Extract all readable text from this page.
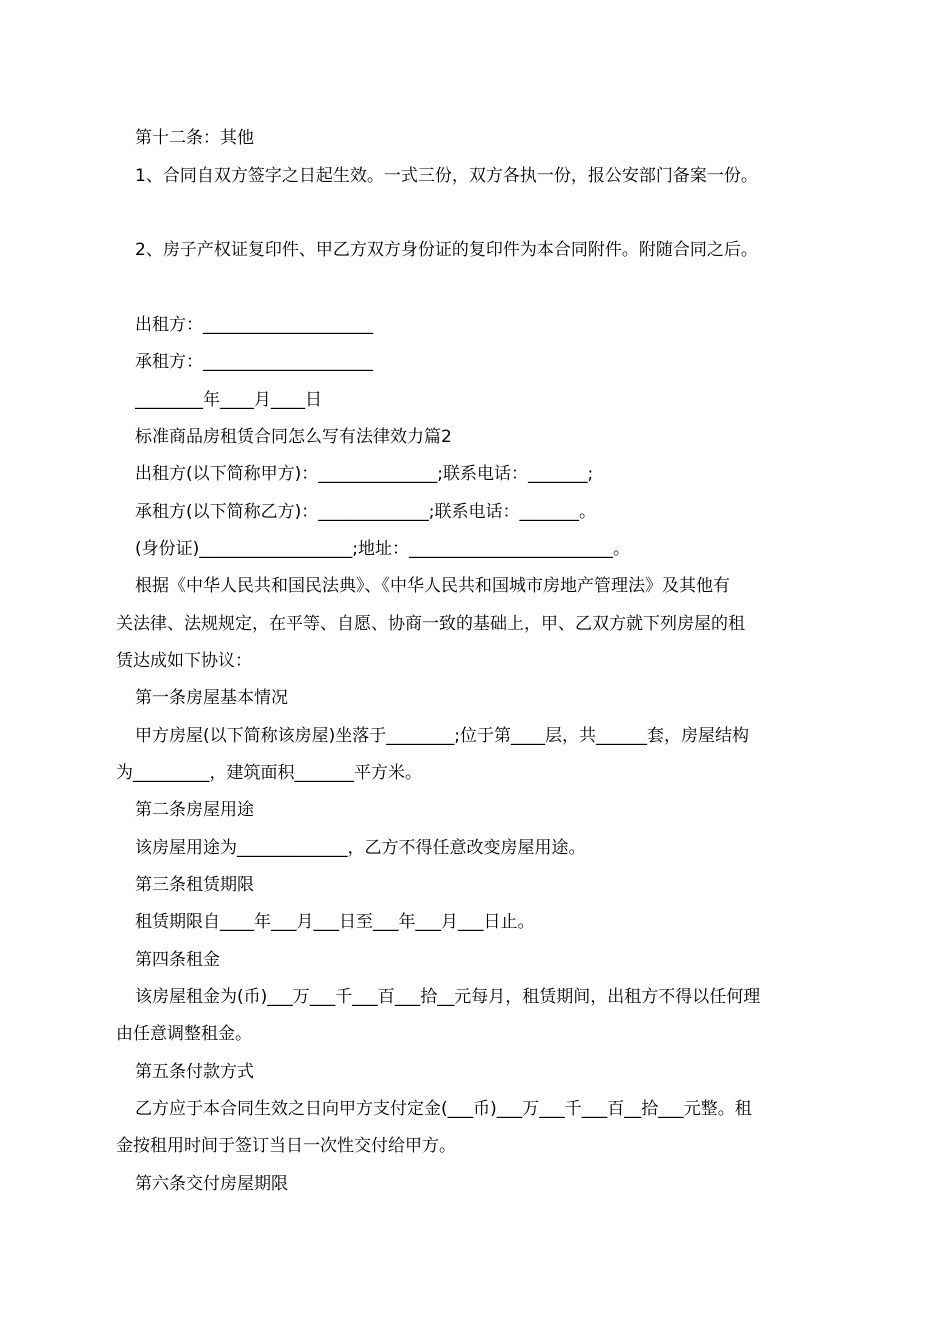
第十二条：其他
1、合同自双方签字之日起生效。一式三份，双方各执一份，报公安部门备案一份。
2、房子产权证复印件、甲乙方双方身份证的复印件为本合同附件。附随合同之后。
出租方：____________________
承租方：____________________
________年____月____日
标准商品房租赁合同怎么写有法律效力篇2
出租方(以下简称甲方)：______________;联系电话：_______;
承租方(以下简称乙方)：_____________;联系电话：_______。
(身份证)__________________;地址：________________________。
根据《中华人民共和国民法典》、《中华人民共和国城市房地产管理法》及其他有
关法律、法规规定，在平等、自愿、协商一致的基础上，甲、乙双方就下列房屋的租
赁达成如下协议：
第一条房屋基本情况
甲方房屋(以下简称该房屋)坐落于________;位于第____层，共______套，房屋结构
为_________，建筑面积_______平方米。
第二条房屋用途
该房屋用途为_____________，乙方不得任意改变房屋用途。
第三条租赁期限
租赁期限自____年___月___日至___年___月___日止。
第四条租金
该房屋租金为(币)___万___千___百___拾__元每月，租赁期间，出租方不得以任何理
由任意调整租金。
第五条付款方式
乙方应于本合同生效之日向甲方支付定金(___币)___万___千___百__拾___元整。租
金按租用时间于签订当日一次性交付给甲方。
第六条交付房屋期限
